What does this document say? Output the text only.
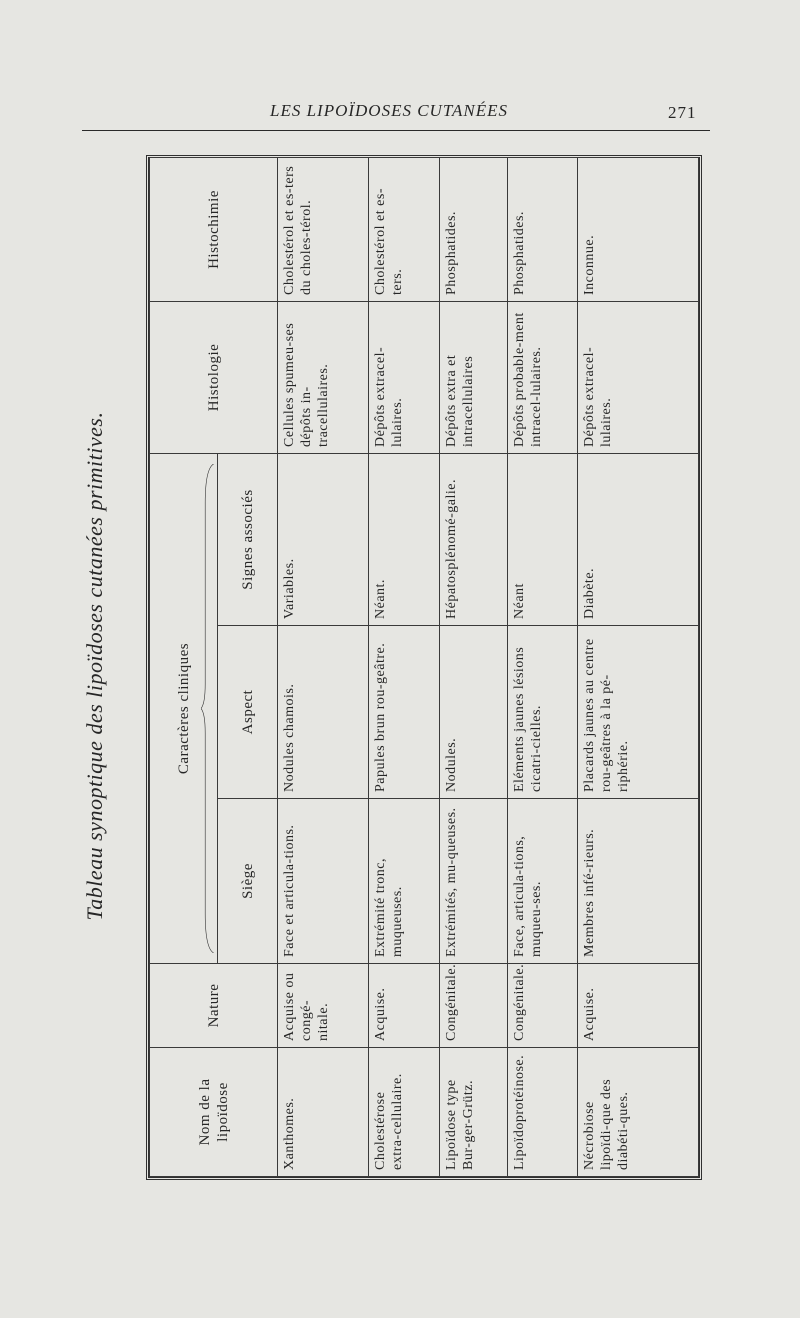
LES LIPOÏDOSES CUTANÉES	271
Tableau synoptique des lipoïdoses cutanées primitives.
Nom de la lipoïdose	Nature	Caractères cliniques			Histologie	Histochimie
		Siège	Aspect	Signes associés		
Xanthomes.	Acquise ou congé-nitale.	Face et articula-tions.	Nodules chamois.	Variables.	Cellules spumeu-ses dépôts in-tracellulaires.	Cholestérol et es-ters du choles-térol.
Cholestérose extra-cellulaire.	Acquise.	Extrémité tronc, muqueuses.	Papules brun rou-geâtre.	Néant.	Dépôts extracel-lulaires.	Cholestérol et es-ters.
Lipoïdose type Bur-ger-Grütz.	Congénitale.	Extrémités, mu-queuses.	Nodules.	Hépatosplénomé-galie.	Dépôts extra et intracellulaires	Phosphatides.
Lipoïdoprotéinose.	Congénitale.	Face, articula-tions, muqueu-ses.	Eléments jaunes lésions cicatri-cielles.	Néant	Dépôts probable-ment intracel-lulaires.	Phosphatides.
Nécrobiose lipoïdi-que des diabéti-ques.	Acquise.	Membres infé-rieurs.	Placards jaunes au centre rou-geâtres à la pé-riphérie.	Diabète.	Dépôts extracel-lulaires.	Inconnue.
